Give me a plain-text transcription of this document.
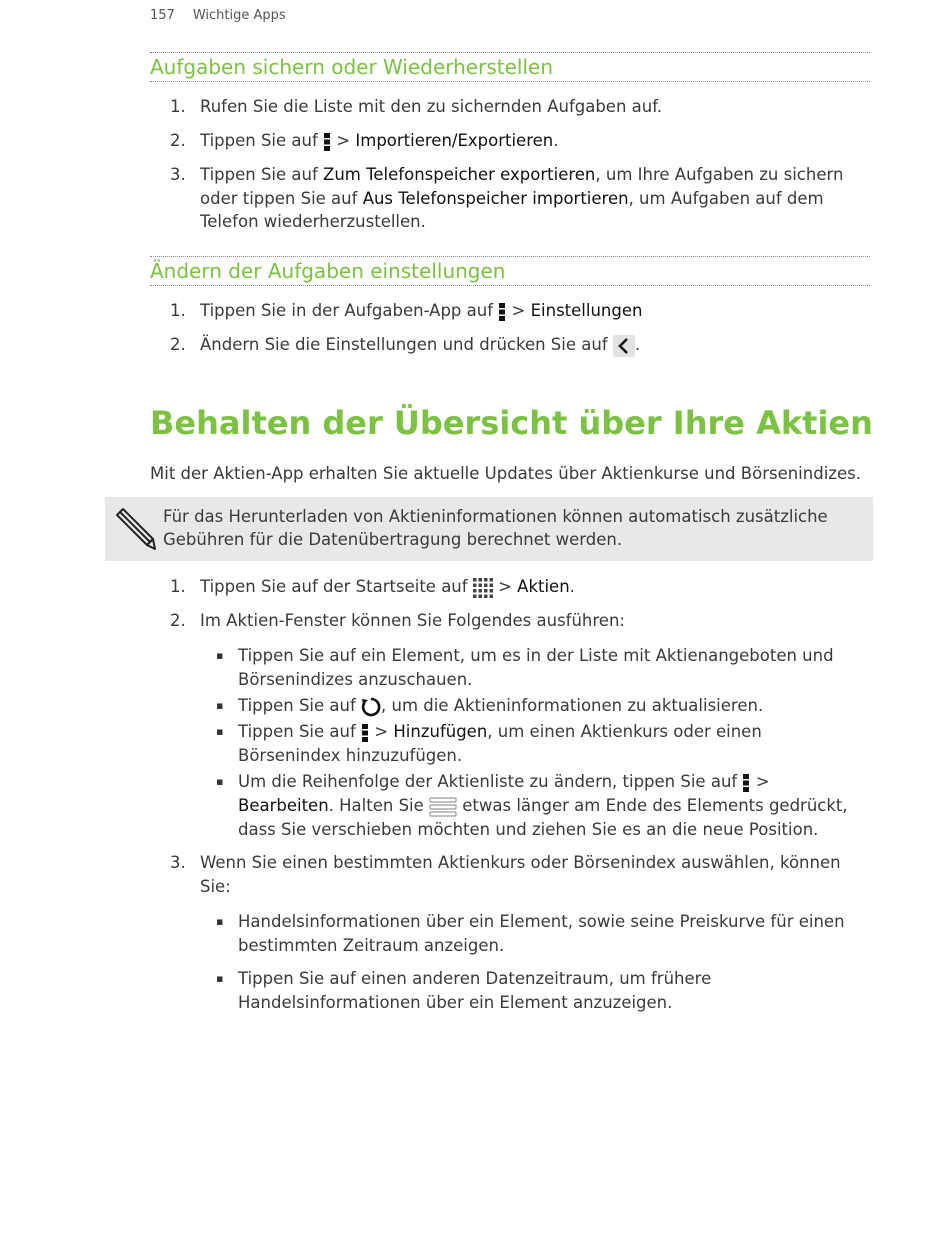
157 Wichtige Apps
Aufgaben sichern oder Wiederherstellen
1. Rufen Sie die Liste mit den zu sichernden Aufgaben auf.
2. Tippen Sie auf  > Importieren/Exportieren.
3. Tippen Sie auf Zum Telefonspeicher exportieren, um Ihre Aufgaben zu sichern
oder tippen Sie auf Aus Telefonspeicher importieren, um Aufgaben auf dem
Telefon wiederherzustellen.
Ändern der Aufgaben einstellungen
1. Tippen Sie in der Aufgaben-App auf  > Einstellungen
2. Ändern Sie die Einstellungen und drücken Sie auf .
Behalten der Übersicht über Ihre Aktien
Mit der Aktien-App erhalten Sie aktuelle Updates über Aktienkurse und Börsenindizes.
Für das Herunterladen von Aktieninformationen können automatisch zusätzliche
Gebühren für die Datenübertragung berechnet werden.
1. Tippen Sie auf der Startseite auf  > Aktien.
2. Im Aktien-Fenster können Sie Folgendes ausführen:
▪ Tippen Sie auf ein Element, um es in der Liste mit Aktienangeboten und
Börsenindizes anzuschauen.
▪ Tippen Sie auf , um die Aktieninformationen zu aktualisieren.
▪ Tippen Sie auf  > Hinzufügen, um einen Aktienkurs oder einen
Börsenindex hinzuzufügen.
▪ Um die Reihenfolge der Aktienliste zu ändern, tippen Sie auf  >
Bearbeiten. Halten Sie etwas länger am Ende des Elements gedrückt,
dass Sie verschieben möchten und ziehen Sie es an die neue Position.
3. Wenn Sie einen bestimmten Aktienkurs oder Börsenindex auswählen, können
Sie:
▪ Handelsinformationen über ein Element, sowie seine Preiskurve für einen
bestimmten Zeitraum anzeigen.
▪ Tippen Sie auf einen anderen Datenzeitraum, um frühere
Handelsinformationen über ein Element anzuzeigen.
